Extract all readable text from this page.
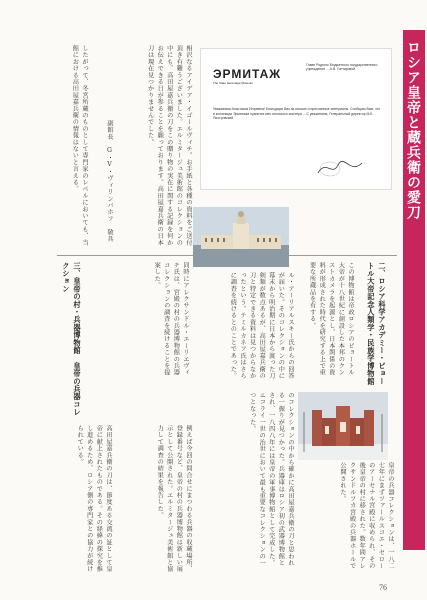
ロシア皇帝と蔵兵衛の愛刀
ЭРМИТАЖ
The State Hermitage Museum
Главе Родного Бюджетного государственного учреждения ... А.В. Гонтаровой
Уважаемая Анастасия Игоревна! Благодарю Вас за письмо и присланные материалы. Сообщаю Вам, что в коллекции Эрмитажа хранится меч японского мастера ... С уважением, Генеральный директор М.Б. Пиотровский
相沢なるアイデア・イゴールヴィチ。お手紙と各種の資料をご送付頂き有難うございました。エルミタージュ美術館のコレクションの中にも、高田屋嘉兵衛の刀をこの贈り物の実在に関する記録を何かお伝えできる日が参ることを願っております。高田屋嘉兵衛の日本刀は現在見つかりませんでした。
副館長　G・V・ヴィリンバホフ　敬具
したがって、冬宮所蔵のものとして専門家のレベルにおいても、当館における高田屋嘉兵衛の情報はないと言える。
二、ロシア科学アカデミー・ピョートル大帝記念人類学・民族学博物館
三、皇帝の村・兵器博物館　皇帝の兵器コレクション	この博物館は帝政ロシアのピョートル大帝が十八世紀に創設した本邦のクンストカメラを起源とし、日本関係の資料が形成された時代を研究する上で重要な所蔵品を有する。
ル・アーリアルスキー氏からの回答が届いた。そのコレクションの中に幕末から明治期に日本から渡った刀剣類が数点あるが、高田屋嘉兵衛の刀と特定できる資料は見つからなかったという。テミルカネフ氏はさらに調査を続けるとのことであった。
同時にアレクサンドル・エーリエヴィチ氏は、宮殿の村の兵器博物館の兵器コレクションの調査を続けることを提案した。
皇帝の兵器コレクションは、一八二七年にまずツァールスコエ・セローのアーセナル宮殿に収められ、その後皇帝の村に移された。数年間アレクサンドルフカ宮殿の兵器ホールで公開された。
のコレクションの中から確かに高田屋嘉兵衛の刀と思われる一振りが見つかった。兵器庫はロシア初の武器博物館とされ、一八四八年には皇帝の軍事博物館として完成した。ニコライ一世の治世において最も重要なコレクションの一つとなった。
例えば今回の問合せにまつわる兵器の収蔵場所、登録番号など、皇帝の村の兵器博物館は新しい展示として公開された。エルミタージュ美術館と協力して調査の結果を報告した。
高田屋嘉兵衛の刀は、節度ある交流の証として皇帝に献上されたものである。その経緯の探究を推し進めるため、ロシア側の専門家との協力が続けられている。
76
